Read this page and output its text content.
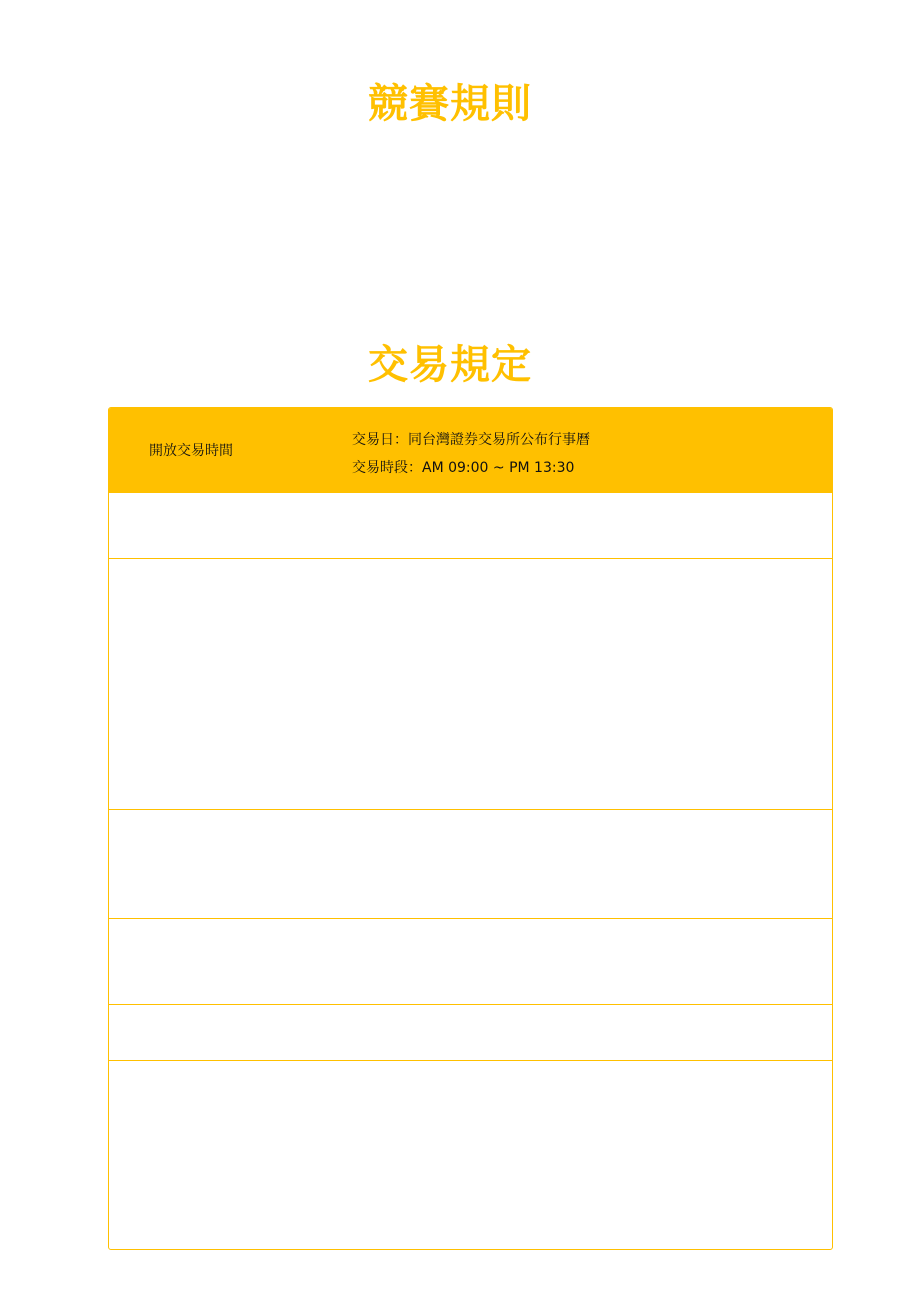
競賽規則
交易規定
開放交易時間
交易日：同台灣證券交易所公布行事曆
交易時段：AM 09:00 ~ PM 13:30
